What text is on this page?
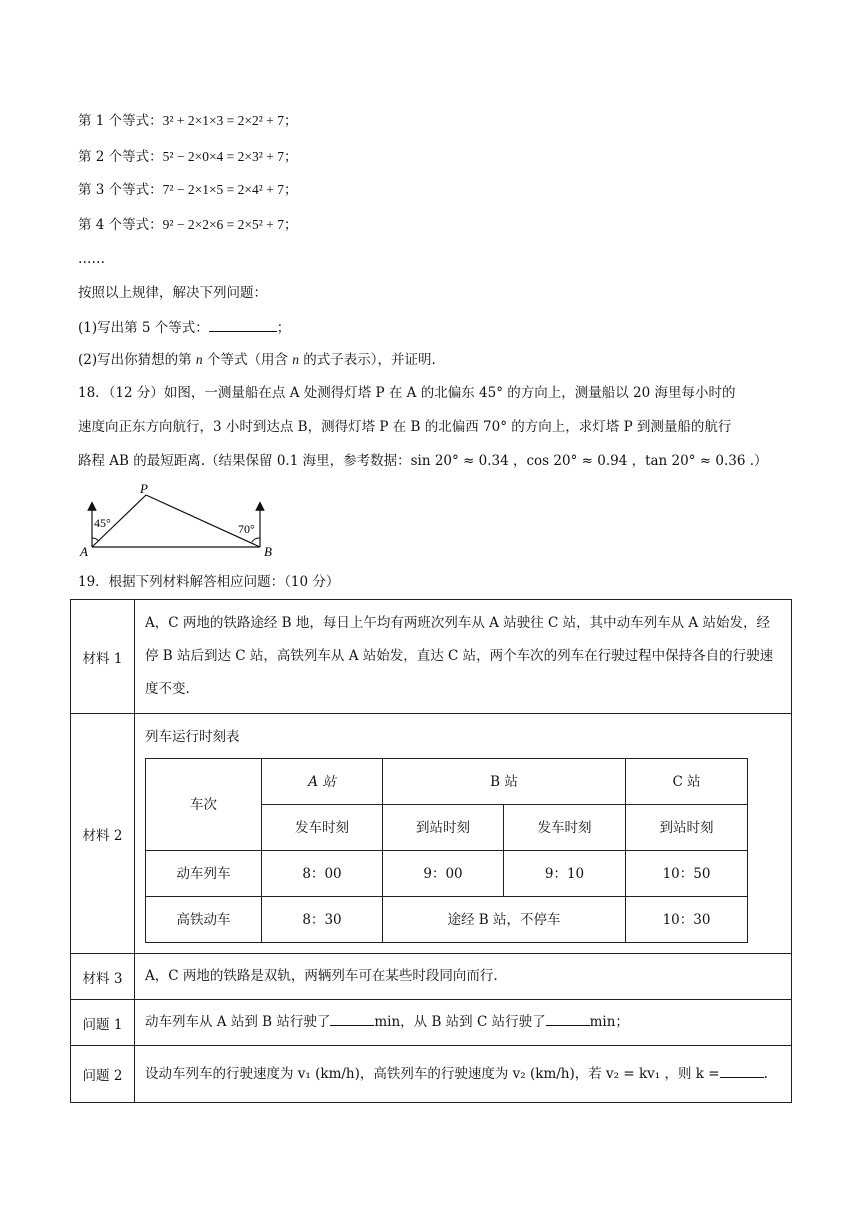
第 1 个等式：3² + 2×1×3 = 2×2² + 7；
第 2 个等式：5² − 2×0×4 = 2×3² + 7；
第 3 个等式：7² − 2×1×5 = 2×4² + 7；
第 4 个等式：9² − 2×2×6 = 2×5² + 7；
……
按照以上规律，解决下列问题：
(1)写出第 5 个等式：	；
(2)写出你猜想的第 n 个等式（用含 n 的式子表示），并证明.
18．（12 分）如图，一测量船在点 A 处测得灯塔 P 在 A 的北偏东 45° 的方向上，测量船以 20 海里每小时的
速度向正东方向航行，3 小时到达点 B，测得灯塔 P 在 B 的北偏西 70° 的方向上，求灯塔 P 到测量船的航行
路程 AB 的最短距离.（结果保留 0.1 海里，参考数据：sin 20° ≈ 0.34 ，cos 20° ≈ 0.94 ，tan 20° ≈ 0.36 .）
45°	70°
P
A	B
19．根据下列材料解答相应问题：（10 分）
材料 1	A，C 两地的铁路途经 B 地，每日上午均有两班次列车从 A 站驶往 C 站，其中动车列车从 A 站始发，经停 B 站后到达 C 站，高铁列车从 A 站始发，直达 C 站，两个车次的列车在行驶过程中保持各自的行驶速度不变.
材料 2	
列车运行时刻表
车次	A 站	B 站	C 站
发车时刻	到站时刻	发车时刻	到站时刻
动车列车	8：00	9：00	9：10	10：50
高铁动车	8：30	途经 B 站，不停车	10：30

材料 3	A，C 两地的铁路是双轨，两辆列车可在某些时段同向而行.
问题 1	动车列车从 A 站到 B 站行驶了	min，从 B 站到 C 站行驶了	min；
问题 2	设动车列车的行驶速度为 v₁ (km/h)，高铁列车的行驶速度为 v₂ (km/h)，若 v₂ = kv₁ ，则 k =	.
